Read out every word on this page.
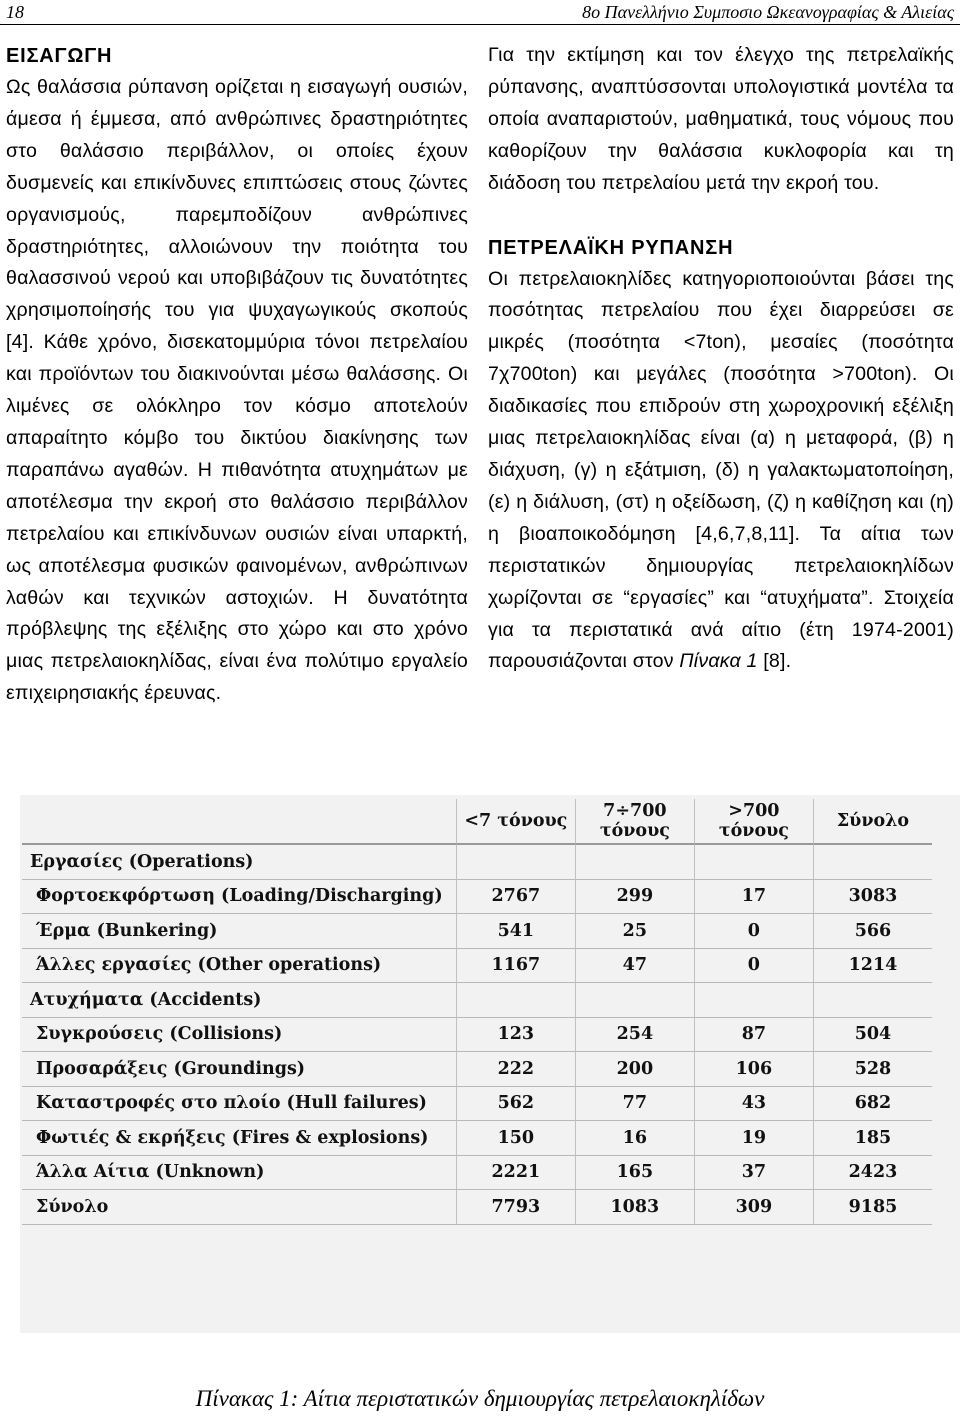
18	8ο Πανελλήνιο Συμποσιο Ωκεανογραφίας & Αλιείας
ΕΙΣΑΓΩΓΗ

Ως θαλάσσια ρύπανση ορίζεται η εισαγωγή ουσιών, άμεσα ή έμμεσα, από ανθρώπινες δραστηριότητες στο θαλάσσιο περιβάλλον, οι οποίες έχουν δυσμενείς και επικίνδυνες επιπτώσεις στους ζώντες οργανισμούς, παρεμποδίζουν ανθρώπινες δραστηριότητες, αλλοιώνουν την ποιότητα του θαλασσινού νερού και υποβιβάζουν τις δυνατότητες χρησιμοποίησής του για ψυχαγωγικούς σκοπούς [4]. Κάθε χρόνο, δισεκατομμύρια τόνοι πετρελαίου και προϊόντων του διακινούνται μέσω θαλάσσης. Οι λιμένες σε ολόκληρο τον κόσμο αποτελούν απαραίτητο κόμβο του δικτύου διακίνησης των παραπάνω αγαθών. Η πιθανότητα ατυχημάτων με αποτέλεσμα την εκροή στο θαλάσσιο περιβάλλον πετρελαίου και επικίνδυνων ουσιών είναι υπαρκτή, ως αποτέλεσμα φυσικών φαινομένων, ανθρώπινων λαθών και τεχνικών αστοχιών. Η δυνατότητα πρόβλεψης της εξέλιξης στο χώρο και στο χρόνο μιας πετρελαιοκηλίδας, είναι ένα πολύτιμο εργαλείο επιχειρησιακής έρευνας.

Για την εκτίμηση και τον έλεγχο της πετρελαϊκής ρύπανσης, αναπτύσσονται υπολογιστικά μοντέλα τα οποία αναπαριστούν, μαθηματικά, τους νόμους που καθορίζουν την θαλάσσια κυκλοφορία και τη διάδοση του πετρελαίου μετά την εκροή του.

ΠΕΤΡΕΛΑΪΚΗ ΡΥΠΑΝΣΗ

Οι πετρελαιοκηλίδες κατηγοριοποιούνται βάσει της ποσότητας πετρελαίου που έχει διαρρεύσει σε μικρές (ποσότητα <7ton), μεσαίες (ποσότητα 7χ700ton) και μεγάλες (ποσότητα >700ton). Οι διαδικασίες που επιδρούν στη χωροχρονική εξέλιξη μιας πετρελαιοκηλίδας είναι (α) η μεταφορά, (β) η διάχυση, (γ) η εξάτμιση, (δ) η γαλακτωματοποίηση, (ε) η διάλυση, (στ) η οξείδωση, (ζ) η καθίζηση και (η) η βιοαποικοδόμηση [4,6,7,8,11]. Τα αίτια των περιστατικών δημιουργίας πετρελαιοκηλίδων χωρίζονται σε “εργασίες” και “ατυχήματα”. Στοιχεία για τα περιστατικά ανά αίτιο (έτη 1974-2001) παρουσιάζονται στον Πίνακα 1 [8].

	<7 τόνους	7÷700 τόνους	>700 τόνους	Σύνολο
Εργασίες (Operations)				
Φορτοεκφόρτωση (Loading/Discharging)	2767	299	17	3083
Έρμα (Bunkering)	541	25	0	566
Άλλες εργασίες (Other operations)	1167	47	0	1214
Ατυχήματα (Accidents)				
Συγκρούσεις (Collisions)	123	254	87	504
Προσαράξεις (Groundings)	222	200	106	528
Καταστροφές στο πλοίο (Hull failures)	562	77	43	682
Φωτιές & εκρήξεις (Fires & explosions)	150	16	19	185
Άλλα Αίτια (Unknown)	2221	165	37	2423
Σύνολο	7793	1083	309	9185
Πίνακας 1: Αίτια περιστατικών δημιουργίας πετρελαιοκηλίδων
